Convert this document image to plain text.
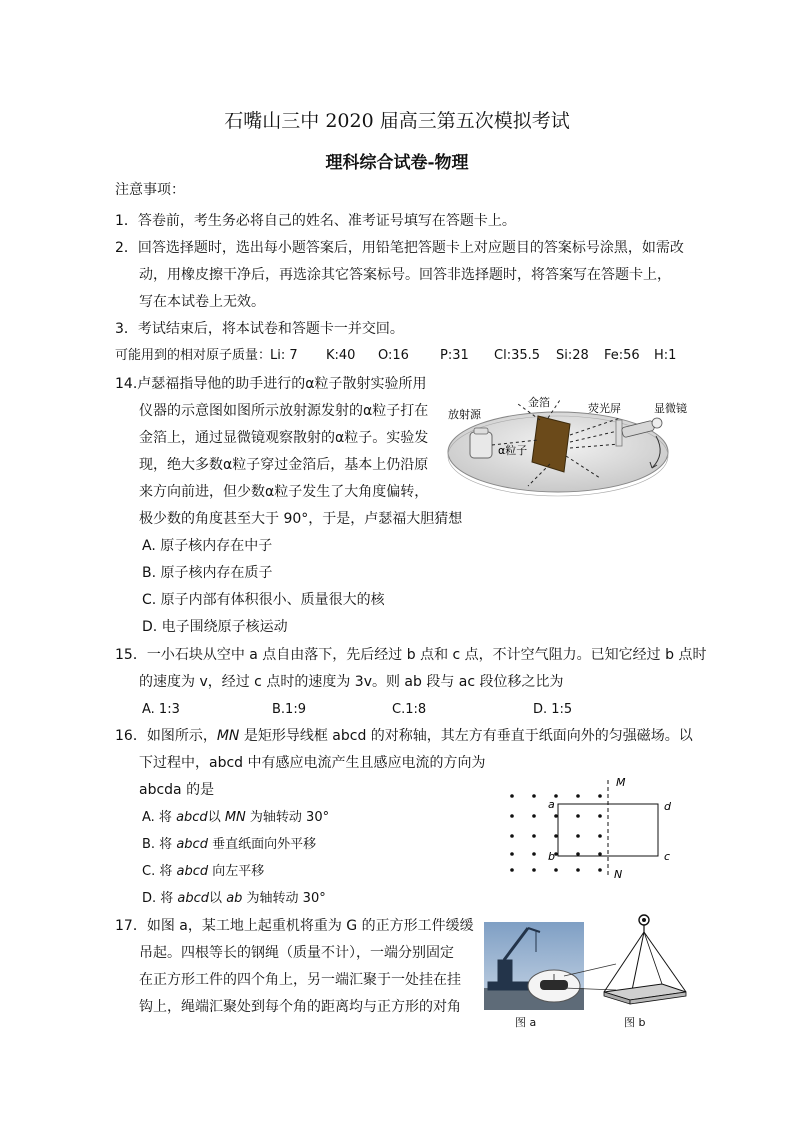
石嘴山三中 2020 届高三第五次模拟考试
理科综合试卷-物理
注意事项：
1．答卷前，考生务必将自己的姓名、准考证号填写在答题卡上。
2．回答选择题时，选出每小题答案后，用铅笔把答题卡上对应题目的答案标号涂黑，如需改
动，用橡皮擦干净后，再选涂其它答案标号。回答非选择题时，将答案写在答题卡上，
写在本试卷上无效。
3．考试结束后，将本试卷和答题卡一并交回。
可能用到的相对原子质量：
Li: 7 K:40 O:16 P:31 Cl:35.5 Si:28 Fe:56 H:1
14.卢瑟福指导他的助手进行的α粒子散射实验所用
仪器的示意图如图所示放射源发射的α粒子打在
金箔上，通过显微镜观察散射的α粒子。实验发
现，绝大多数α粒子穿过金箔后，基本上仍沿原
来方向前进，但少数α粒子发生了大角度偏转，
极少数的角度甚至大于 90°，于是，卢瑟福大胆猜想
A. 原子核内存在中子
B. 原子核内存在质子
C. 原子内部有体积很小、质量很大的核
D. 电子围绕原子核运动
放射源
金箔	荧光屏	显微镜
α粒子
15．一小石块从空中 a 点自由落下，先后经过 b 点和 c 点，不计空气阻力。已知它经过 b 点时
的速度为 v，经过 c 点时的速度为 3v。则 ab 段与 ac 段位移之比为
A. 1:3	B.1:9	C.1:8	D. 1:5
16．如图所示，MN 是矩形导线框 abcd 的对称轴，其左方有垂直于纸面向外的匀强磁场。以
下过程中，abcd 中有感应电流产生且感应电流的方向为
abcda 的是
A. 将 abcd以 MN 为轴转动 30°
B. 将 abcd 垂直纸面向外平移
C. 将 abcd 向左平移
D. 将 abcd以 ab 为轴转动 30°
M
N
a
b	c
d
17．如图 a，某工地上起重机将重为 G 的正方形工件缓缓
吊起。四根等长的钢绳（质量不计），一端分别固定
在正方形工件的四个角上，另一端汇聚于一处挂在挂
钩上，绳端汇聚处到每个角的距离均与正方形的对角
图 a	图 b
